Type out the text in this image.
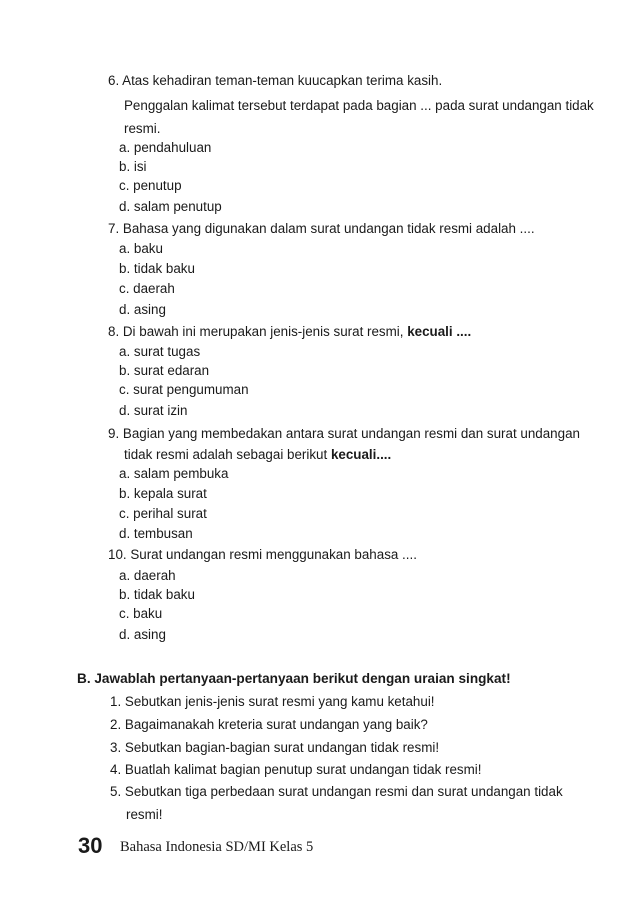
6. Atas kehadiran teman-teman kuucapkan terima kasih.
Penggalan kalimat tersebut terdapat pada bagian ... pada surat undangan tidak
resmi.
a. pendahuluan
b. isi
c. penutup
d. salam penutup
7. Bahasa yang digunakan dalam surat undangan tidak resmi adalah ....
a. baku
b. tidak baku
c. daerah
d. asing
8. Di bawah ini merupakan jenis-jenis surat resmi, kecuali ....
a. surat tugas
b. surat edaran
c. surat pengumuman
d. surat izin
9. Bagian yang membedakan antara surat undangan resmi dan surat undangan
tidak resmi adalah sebagai berikut kecuali....
a. salam pembuka
b. kepala surat
c. perihal surat
d. tembusan
10. Surat undangan resmi menggunakan bahasa ....
a. daerah
b. tidak baku
c. baku
d. asing
B. Jawablah pertanyaan-pertanyaan berikut dengan uraian singkat!
1. Sebutkan jenis-jenis surat resmi yang kamu ketahui!
2. Bagaimanakah kreteria surat undangan yang baik?
3. Sebutkan bagian-bagian surat undangan tidak resmi!
4. Buatlah kalimat bagian penutup surat undangan tidak resmi!
5. Sebutkan tiga perbedaan surat undangan resmi dan surat undangan tidak
resmi!
30 Bahasa Indonesia SD/MI Kelas 5
